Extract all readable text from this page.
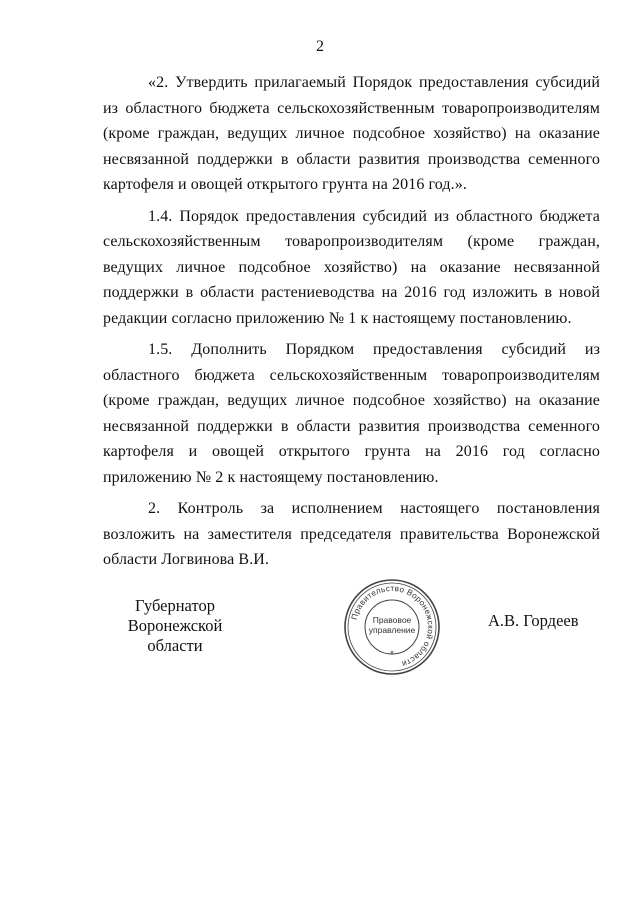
2

«2. Утвердить прилагаемый Порядок предоставления субсидий из областного бюджета сельскохозяйственным товаропроизводителям (кроме граждан, ведущих личное подсобное хозяйство) на оказание несвязанной поддержки в области развития производства семенного картофеля и овощей открытого грунта на 2016 год.».

1.4. Порядок предоставления субсидий из областного бюджета сельскохозяйственным товаропроизводителям (кроме граждан, ведущих личное подсобное хозяйство) на оказание несвязанной поддержки в области растениеводства на 2016 год изложить в новой редакции согласно приложению № 1 к настоящему постановлению.

1.5. Дополнить Порядком предоставления субсидий из областного бюджета сельскохозяйственным товаропроизводителям (кроме граждан, ведущих личное подсобное хозяйство) на оказание несвязанной поддержки в области развития производства семенного картофеля и овощей открытого грунта на 2016 год согласно приложению № 2 к настоящему постановлению.

2. Контроль за исполнением настоящего постановления возложить на заместителя председателя правительства Воронежской области Логвинова В.И.

Губернатор
Воронежской области
Правительство Воронежской области
*
Правовое
управление	А.В. Гордеев
